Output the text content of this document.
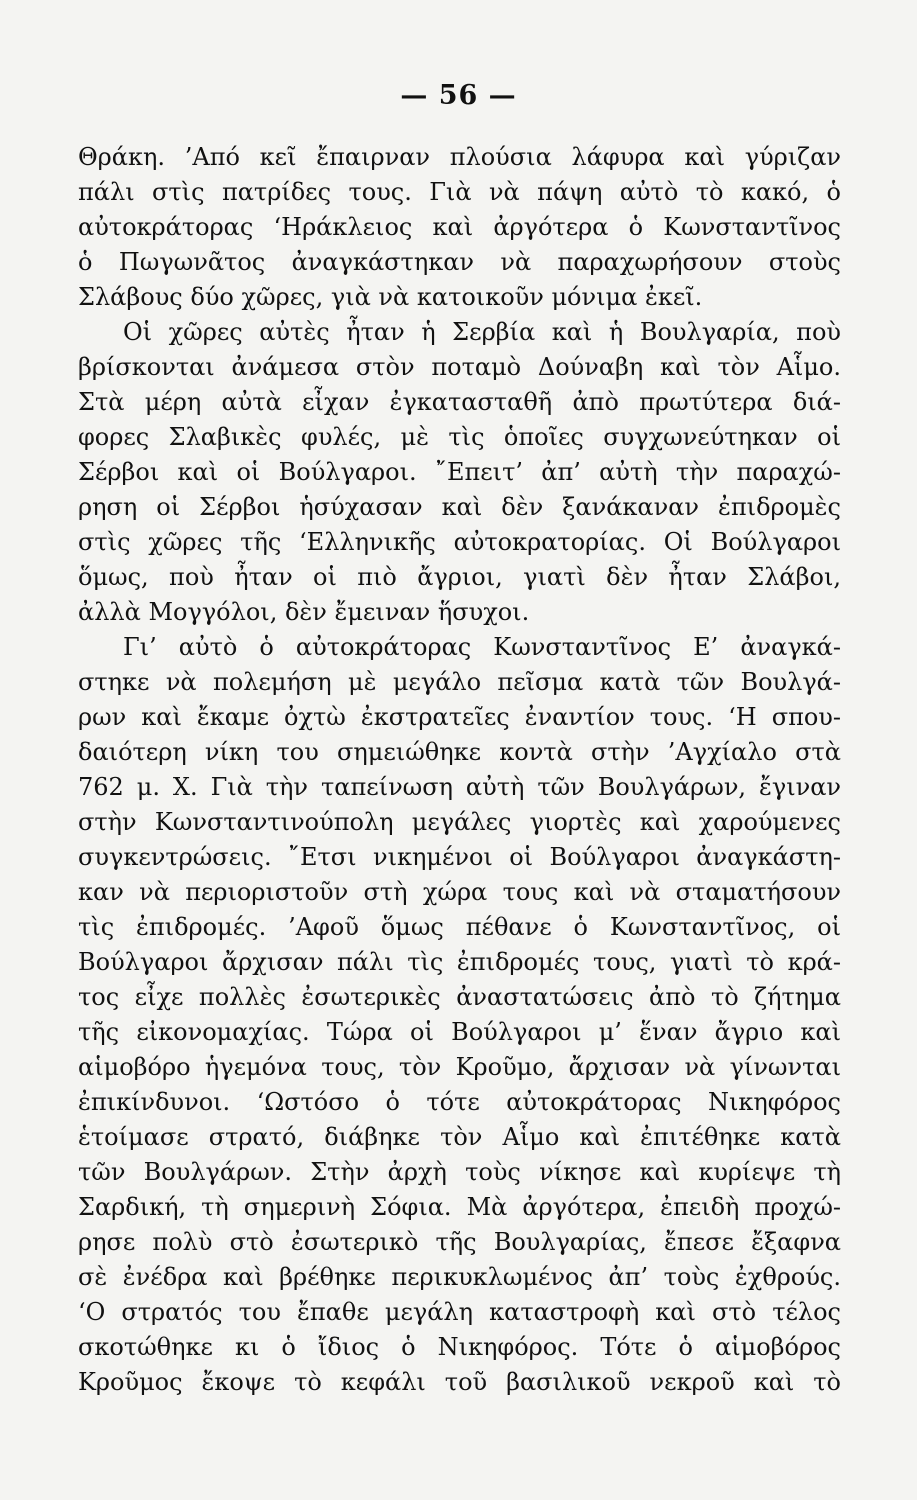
— 56 —
Θράκη. ’Από κεῖ ἔπαιρναν πλούσια λάφυρα καὶ γύριζαν
πάλι στὶς πατρίδες τους. Γιὰ νὰ πάψη αὐτὸ τὸ κακό, ὁ
αὐτοκράτορας ‘Ηράκλειος καὶ ἀργότερα ὁ Κωνσταντῖνος
ὁ Πωγωνᾶτος ἀναγκάστηκαν νὰ παραχωρήσουν στοὺς
Σλάβους δύο χῶρες, γιὰ νὰ κατοικοῦν μόνιμα ἐκεῖ.
Οἱ χῶρες αὐτὲς ἦταν ἡ Σερβία καὶ ἡ Βουλγαρία, ποὺ
βρίσκονται ἀνάμεσα στὸν ποταμὸ Δούναβη καὶ τὸν Αἷμο.
Στὰ μέρη αὐτὰ εἶχαν ἐγκατασταθῆ ἀπὸ πρωτύτερα διά-
φορες Σλαβικὲς φυλές, μὲ τὶς ὁποῖες συγχωνεύτηκαν οἱ
Σέρβοι καὶ οἱ Βούλγαροι. ῎Επειτ’ ἀπ’ αὐτὴ τὴν παραχώ-
ρηση οἱ Σέρβοι ἡσύχασαν καὶ δὲν ξανάκαναν ἐπιδρομὲς
στὶς χῶρες τῆς ‘Ελληνικῆς αὐτοκρατορίας. Οἱ Βούλγαροι
ὅμως, ποὺ ἦταν οἱ πιὸ ἄγριοι, γιατὶ δὲν ἦταν Σλάβοι,
ἀλλὰ Μογγόλοι, δὲν ἔμειναν ἥσυχοι.
Γι’ αὐτὸ ὁ αὐτοκράτορας Κωνσταντῖνος Ε’ ἀναγκά-
στηκε νὰ πολεμήση μὲ μεγάλο πεῖσμα κατὰ τῶν Βουλγά-
ρων καὶ ἔκαμε ὀχτὼ ἐκστρατεῖες ἐναντίον τους. ‘Η σπου-
δαιότερη νίκη του σημειώθηκε κοντὰ στὴν ’Αγχίαλο στὰ
762 μ. Χ. Γιὰ τὴν ταπείνωση αὐτὴ τῶν Βουλγάρων, ἔγιναν
στὴν Κωνσταντινούπολη μεγάλες γιορτὲς καὶ χαρούμενες
συγκεντρώσεις. ῎Ετσι νικημένοι οἱ Βούλγαροι ἀναγκάστη-
καν νὰ περιοριστοῦν στὴ χώρα τους καὶ νὰ σταματήσουν
τὶς ἐπιδρομές. ’Αφοῦ ὅμως πέθανε ὁ Κωνσταντῖνος, οἱ
Βούλγαροι ἄρχισαν πάλι τὶς ἐπιδρομές τους, γιατὶ τὸ κρά-
τος εἶχε πολλὲς ἐσωτερικὲς ἀναστατώσεις ἀπὸ τὸ ζήτημα
τῆς εἰκονομαχίας. Τώρα οἱ Βούλγαροι μ’ ἕναν ἄγριο καὶ
αἱμοβόρο ἡγεμόνα τους, τὸν Κροῦμο, ἄρχισαν νὰ γίνωνται
ἐπικίνδυνοι. ‘Ωστόσο ὁ τότε αὐτοκράτορας Νικηφόρος
ἑτοίμασε στρατό, διάβηκε τὸν Αἷμο καὶ ἐπιτέθηκε κατὰ
τῶν Βουλγάρων. Στὴν ἀρχὴ τοὺς νίκησε καὶ κυρίεψε τὴ
Σαρδική, τὴ σημερινὴ Σόφια. Μὰ ἀργότερα, ἐπειδὴ προχώ-
ρησε πολὺ στὸ ἐσωτερικὸ τῆς Βουλγαρίας, ἔπεσε ἔξαφνα
σὲ ἐνέδρα καὶ βρέθηκε περικυκλωμένος ἀπ’ τοὺς ἐχθρούς.
‘Ο στρατός του ἔπαθε μεγάλη καταστροφὴ καὶ στὸ τέλος
σκοτώθηκε κι ὁ ἴδιος ὁ Νικηφόρος. Τότε ὁ αἱμοβόρος
Κροῦμος ἔκοψε τὸ κεφάλι τοῦ βασιλικοῦ νεκροῦ καὶ τὸ
